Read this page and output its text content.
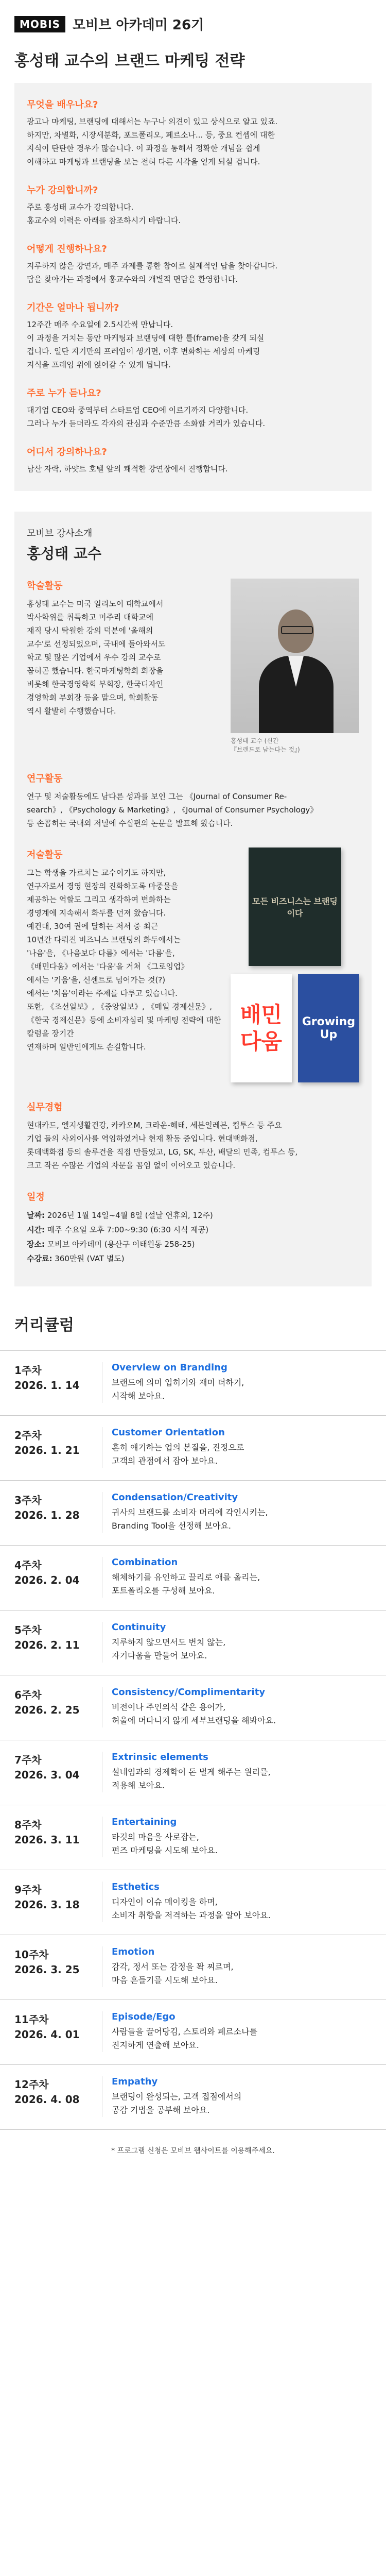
MOBIS 모비브 아카데미 26기
홍성태 교수의 브랜드 마케팅 전략
무엇을 배우나요?
광고나 마케팅, 브랜딩에 대해서는 누구나 의견이 있고 상식으로 알고 있죠.
하지만, 차별화, 시장세분화, 포트폴리오, 페르소나... 등, 중요 컨셉에 대한
지식이 탄탄한 경우가 많습니다. 이 과정을 통해서 정확한 개념을 쉽게
이해하고 마케팅과 브랜딩을 보는 전혀 다른 시각을 얻게 되실 겁니다.
누가 강의합니까?
주로 홍성태 교수가 강의합니다.
홍교수의 이력은 아래를 참조하시기 바랍니다.
어떻게 진행하나요?
지루하지 않은 강연과, 매주 과제를 통한 참여로 실제적인 답을 찾아갑니다.
답을 찾아가는 과정에서 홍교수와의 개별적 면담을 환영합니다.
기간은 얼마나 됩니까?
12주간 매주 수요일에 2.5시간씩 만납니다.
이 과정을 거치는 동안 마케팅과 브랜딩에 대한 틀(frame)을 갖게 되실
겁니다. 일단 지기만의 프레임이 생기면, 이후 변화하는 세상의 마케팅
지식을 프레임 위에 얹어갈 수 있게 됩니다.
주로 누가 듣나요?
대기업 CEO와 중역부터 스타트업 CEO에 이르기까지 다양합니다.
그러나 누가 듣더라도 각자의 관심과 수준만큼 소화할 거리가 있습니다.
어디서 강의하나요?
남산 자락, 하얏트 호텔 앞의 쾌적한 강연장에서 진행합니다.
모비브 강사소개
홍성태 교수
학술활동
홍성태 교수는 미국 일리노이 대학교에서
박사학위를 취득하고 미주리 대학교에
재직 당시 탁월한 강의 덕분에 '올해의
교수'로 선정되었으며, 국내에 돌아와서도
학교 및 많은 기업에서 우수 강의 교수로
꼽히곤 했습니다. 한국마케팅학회 회장을
비롯해 한국경영학회 부회장, 한국디자인
경영학회 부회장 등을 맡으며, 학회활동
역시 활발히 수행했습니다.
홍성태 교수 (신간
『브랜드로 남는다는 것』)
연구활동
연구 및 저술활동에도 남다른 성과를 보인 그는 《Journal of Consumer Re-
search》, 《Psychology & Marketing》, 《Journal of Consumer Psychology》
등 손꼽히는 국내외 저널에 수십편의 논문을 발표해 왔습니다.
저술활동
그는 학생을 가르치는 교수이기도 하지만,
연구자로서 경영 현장의 진화하도록 마중물을
제공하는 역할도 그리고 생각하여 변화하는
경영계에 지속해서 화두를 던져 왔습니다.
예컨대, 30여 권에 달하는 저서 중 최근
10년간 다뤄진 비즈니스 브랜딩의 화두에서는
'나음'을, 《나음보다 다름》에서는 '다름'을,
《배민다움》에서는 '다움'을 거쳐 《그로잉업》
에서는 '키움'을, 신센트로 넘어가는 것(?)
에서는 '처음'이라는 주제를 다루고 있습니다.
또한, 《조선일보》, 《중앙일보》, 《매일 경제신문》,
《한국 경제신문》등에 소비자심리 및 마케팅 전략에 대한 칼럼을 장기간
연재하며 일반인에게도 손길합니다.
모든 비즈니스는 브랜딩이다
배민 다움
Growing Up
실무경험
현대카드, 엘지생활건강, 카카오M, 크라운-해태, 세븐일레븐, 컵투스 등 주요
기업 들의 사외이사를 역임하였거나 현재 활동 중입니다. 현대백화점,
롯데백화점 등의 솔루건을 직접 만들었고, LG, SK, 두산, 배달의 민족, 컵투스 등,
크고 작은 수많은 기업의 자문을 꼼임 없이 이어오고 있습니다.
일정
날짜: 2026년 1월 14일~4월 8일 (설날 연휴외, 12주)
시간: 매주 수요일 오후 7:00~9:30 (6:30 시식 제공)
장소: 모비브 아카데미 (용산구 이태원동 258-25)
수강료: 360만원 (VAT 별도)
커리큘럼
1주차
2026. 1. 14
Overview on Branding
브랜드에 의미 입히기와 재미 더하기,
시작해 보아요.
2주차
2026. 1. 21
Customer Orientation
흔히 얘기하는 업의 본질을, 진정으로
고객의 관점에서 잡아 보아요.
3주차
2026. 1. 28
Condensation/Creativity
귀사의 브랜드를 소비자 머리에 각인시키는,
Branding Tool을 선정해 보아요.
4주차
2026. 2. 04
Combination
해체하기를 유인하고 끌리로 애를 올리는,
포트폴리오를 구성해 보아요.
5주차
2026. 2. 11
Continuity
지루하지 않으면서도 변치 않는,
자기다움을 만들어 보아요.
6주차
2026. 2. 25
Consistency/Complimentarity
비전이나 주인의식 같은 용어가,
허울에 머다니지 않게 세부브랜딩을 해봐아요.
7주차
2026. 3. 04
Extrinsic elements
설네임과의 경제학이 돈 벌게 해주는 원리를,
적용해 보아요.
8주차
2026. 3. 11
Entertaining
타깃의 마음을 사로잡는,
펀즈 마케팅을 시도해 보아요.
9주차
2026. 3. 18
Esthetics
디자인이 이슈 메이킹을 하며,
소비자 취향을 저격하는 과정을 알아 보아요.
10주차
2026. 3. 25
Emotion
감각, 정서 또는 감정을 꽉 찌르며,
마음 흔들기를 시도해 보아요.
11주차
2026. 4. 01
Episode/Ego
사람들을 끌어당김, 스토리와 페르소나를
진지하게 연출해 보아요.
12주차
2026. 4. 08
Empathy
브랜딩이 완성되는, 고객 접점에서의
공감 기법을 공부해 보아요.
* 프로그램 신청은 모비브 웹사이트를 이용해주세요.
